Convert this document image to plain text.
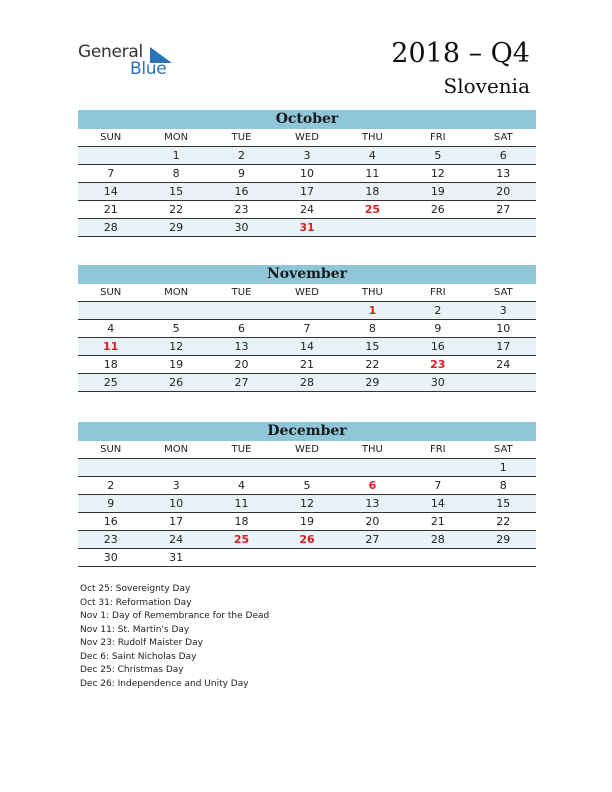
General
Blue	2018 – Q4
Slovenia
October
SUN	MON	TUE	WED	THU	FRI	SAT
	1	2	3	4	5	6
7	8	9	10	11	12	13
14	15	16	17	18	19	20
21	22	23	24	25	26	27
28	29	30	31			
November
SUN	MON	TUE	WED	THU	FRI	SAT
				1	2	3
4	5	6	7	8	9	10
11	12	13	14	15	16	17
18	19	20	21	22	23	24
25	26	27	28	29	30	
December
SUN	MON	TUE	WED	THU	FRI	SAT
						1
2	3	4	5	6	7	8
9	10	11	12	13	14	15
16	17	18	19	20	21	22
23	24	25	26	27	28	29
30	31					
Oct 25: Sovereignty Day
Oct 31: Reformation Day
Nov 1: Day of Remembrance for the Dead
Nov 11: St. Martin's Day
Nov 23: Rudolf Maister Day
Dec 6: Saint Nicholas Day
Dec 25: Christmas Day
Dec 26: Independence and Unity Day
